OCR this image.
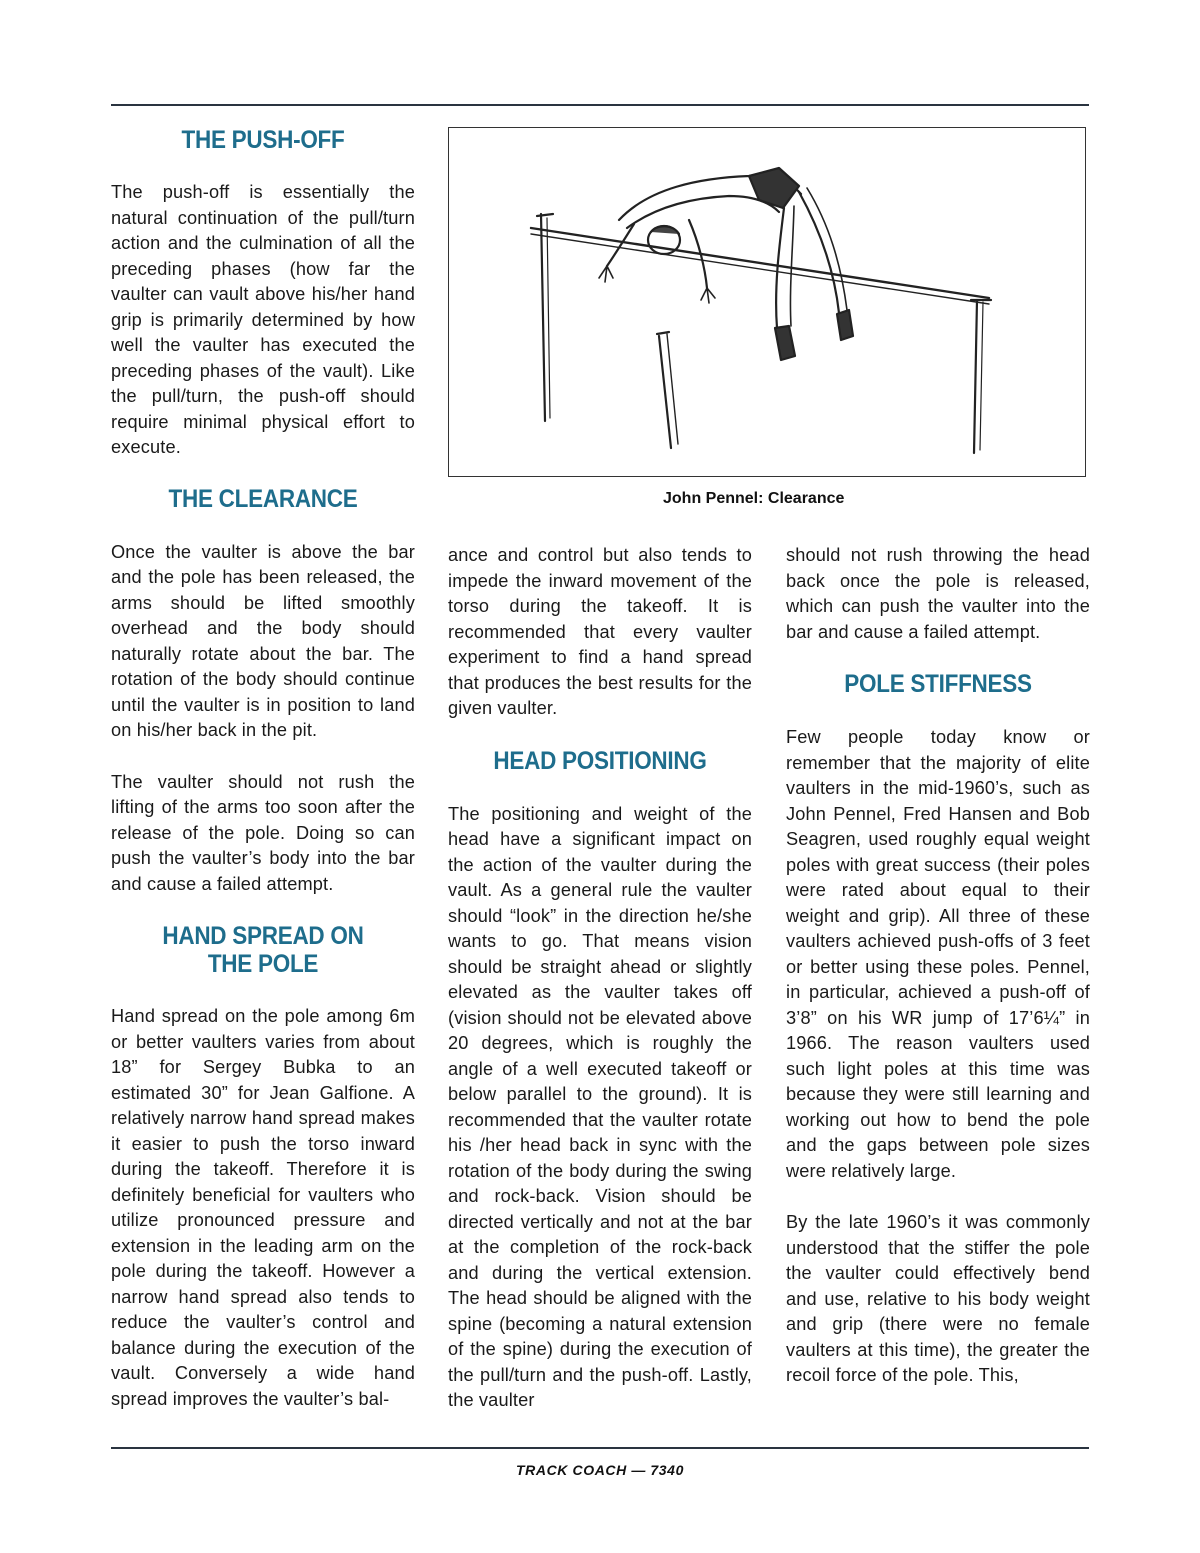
THE PUSH-OFF

The push-off is essentially the natural continuation of the pull/turn action and the culmination of all the preceding phases (how far the vaulter can vault above his/her hand grip is primarily determined by how well the vaulter has executed the preceding phases of the vault). Like the pull/turn, the push-off should require minimal physical effort to execute.

THE CLEARANCE

Once the vaulter is above the bar and the pole has been released, the arms should be lifted smoothly overhead and the body should naturally rotate about the bar. The rotation of the body should continue until the vaulter is in position to land on his/her back in the pit.

The vaulter should not rush the lifting of the arms too soon after the release of the pole. Doing so can push the vaulter’s body into the bar and cause a failed attempt.

HAND SPREAD ON
THE POLE

Hand spread on the pole among 6m or better vaulters varies from about 18” for Sergey Bubka to an estimated 30” for Jean Galfione. A relatively narrow hand spread makes it easier to push the torso inward during the takeoff. Therefore it is definitely beneficial for vaulters who utilize pronounced pressure and extension in the leading arm on the pole during the takeoff. However a narrow hand spread also tends to reduce the vaulter’s control and balance during the execution of the vault. Conversely a wide hand spread improves the vaulter’s bal-

John Pennel: Clearance

ance and control but also tends to impede the inward movement of the torso during the takeoff. It is recommended that every vaulter experiment to find a hand spread that produces the best results for the given vaulter.

HEAD POSITIONING

The positioning and weight of the head have a significant impact on the action of the vaulter during the vault. As a general rule the vaulter should “look” in the direction he/she wants to go. That means vision should be straight ahead or slightly elevated as the vaulter takes off (vision should not be elevated above 20 degrees, which is roughly the angle of a well executed takeoff or below parallel to the ground). It is recommended that the vaulter rotate his /her head back in sync with the rotation of the body during the swing and rock-back. Vision should be directed vertically and not at the bar at the completion of the rock-back and during the vertical extension. The head should be aligned with the spine (becoming a natural extension of the spine) during the execution of the pull/turn and the push-off. Lastly, the vaulter

should not rush throwing the head back once the pole is released, which can push the vaulter into the bar and cause a failed attempt.

POLE STIFFNESS

Few people today know or remember that the majority of elite vaulters in the mid-1960’s, such as John Pennel, Fred Hansen and Bob Seagren, used roughly equal weight poles with great success (their poles were rated about equal to their weight and grip). All three of these vaulters achieved push-offs of 3 feet or better using these poles. Pennel, in particular, achieved a push-off of 3’8” on his WR jump of 17’6¼” in 1966. The reason vaulters used such light poles at this time was because they were still learning and working out how to bend the pole and the gaps between pole sizes were relatively large.

By the late 1960’s it was commonly understood that the stiffer the pole the vaulter could effectively bend and use, relative to his body weight and grip (there were no female vaulters at this time), the greater the recoil force of the pole. This,

TRACK COACH — 7340
